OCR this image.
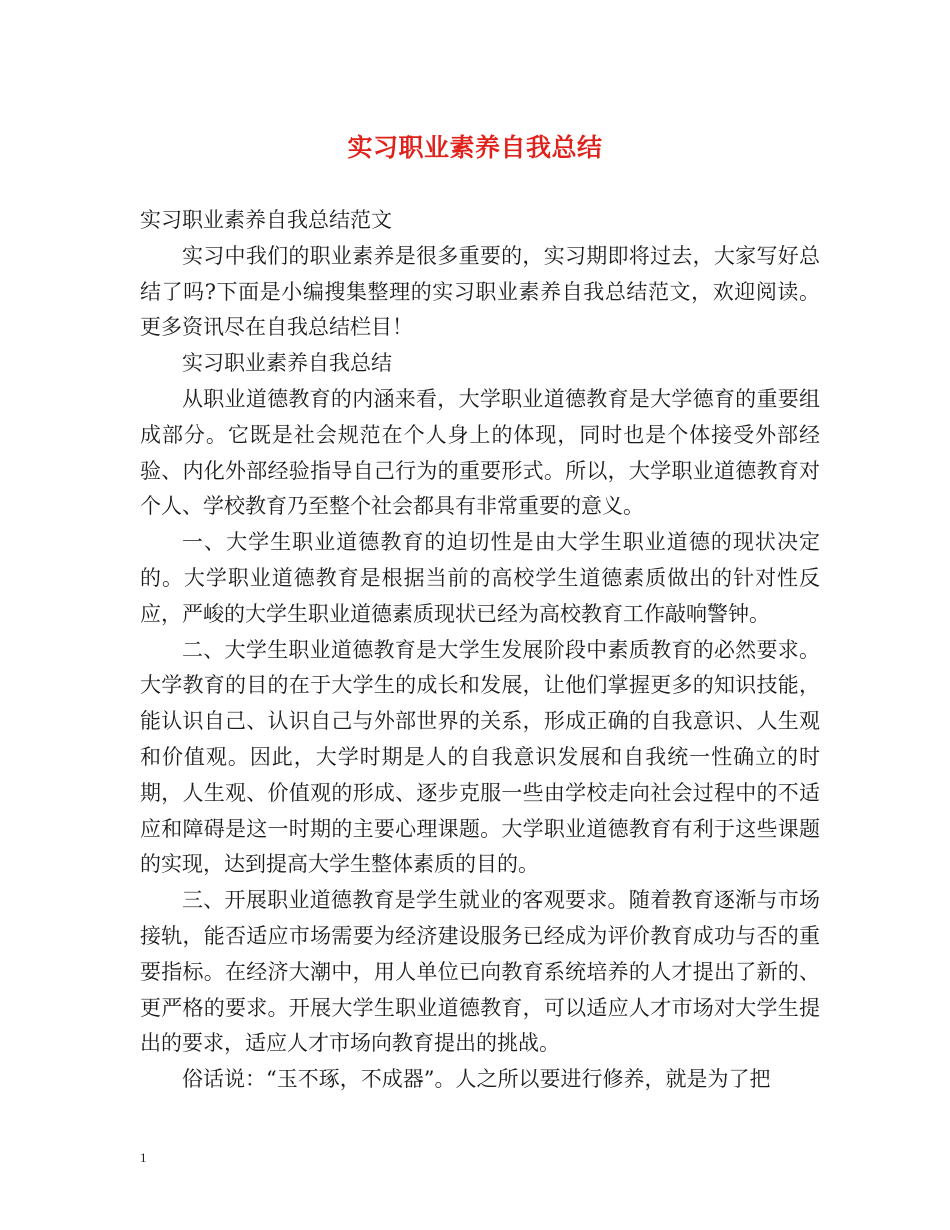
实习职业素养自我总结

实习职业素养自我总结范文

实习中我们的职业素养是很多重要的，实习期即将过去，大家写好总结了吗?下面是小编搜集整理的实习职业素养自我总结范文，欢迎阅读。更多资讯尽在自我总结栏目！

实习职业素养自我总结

从职业道德教育的内涵来看，大学职业道德教育是大学德育的重要组成部分。它既是社会规范在个人身上的体现，同时也是个体接受外部经验、内化外部经验指导自己行为的重要形式。所以，大学职业道德教育对个人、学校教育乃至整个社会都具有非常重要的意义。

一、大学生职业道德教育的迫切性是由大学生职业道德的现状决定的。大学职业道德教育是根据当前的高校学生道德素质做出的针对性反应，严峻的大学生职业道德素质现状已经为高校教育工作敲响警钟。

二、大学生职业道德教育是大学生发展阶段中素质教育的必然要求。大学教育的目的在于大学生的成长和发展，让他们掌握更多的知识技能，能认识自己、认识自己与外部世界的关系，形成正确的自我意识、人生观和价值观。因此，大学时期是人的自我意识发展和自我统一性确立的时期，人生观、价值观的形成、逐步克服一些由学校走向社会过程中的不适应和障碍是这一时期的主要心理课题。大学职业道德教育有利于这些课题的实现，达到提高大学生整体素质的目的。

三、开展职业道德教育是学生就业的客观要求。随着教育逐渐与市场接轨，能否适应市场需要为经济建设服务已经成为评价教育成功与否的重要指标。在经济大潮中，用人单位已向教育系统培养的人才提出了新的、更严格的要求。开展大学生职业道德教育，可以适应人才市场对大学生提出的要求，适应人才市场向教育提出的挑战。

俗话说：“玉不琢，不成器”。人之所以要进行修养，就是为了把

1
